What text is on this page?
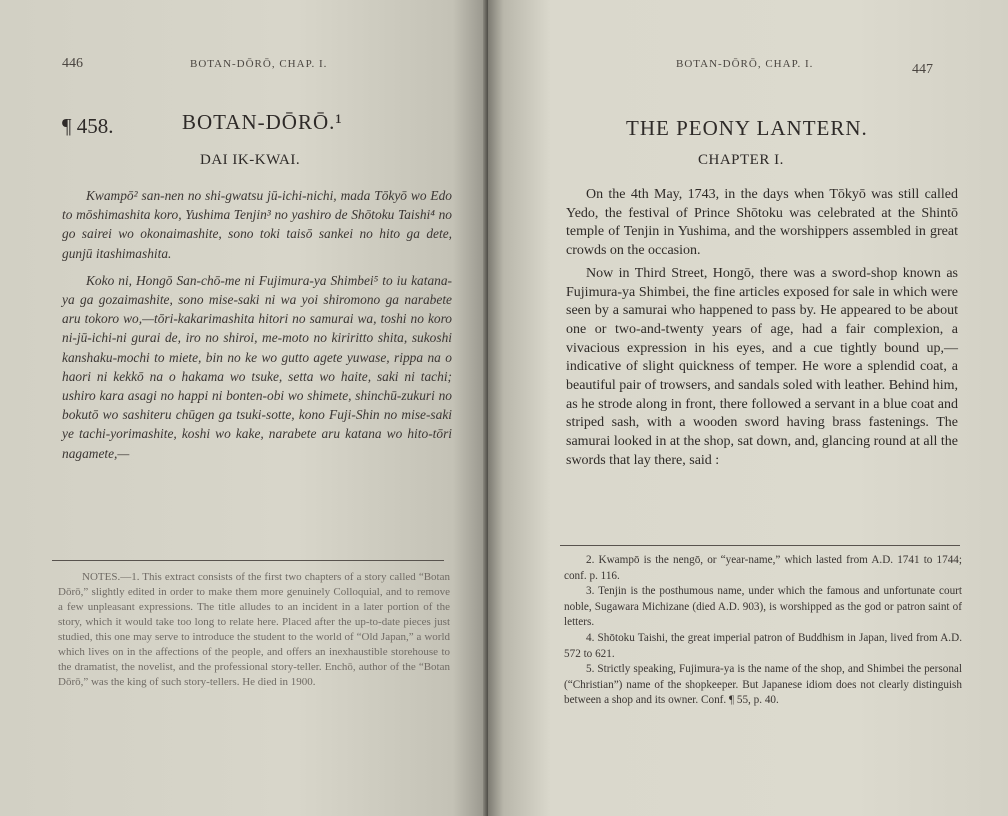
446	BOTAN-DŌRŌ, CHAP. I.
¶ 458.	BOTAN-DŌRŌ.¹
DAI IK-KWAI.

Kwampō² san-nen no shi-gwatsu jū-ichi-nichi, mada Tōkyō wo Edo to mōshimashita koro, Yushima Tenjin³ no yashiro de Shōtoku Taishi⁴ no go sairei wo okonaimashite, sono toki taisō sankei no hito ga dete, gunjū itashimashita.

Koko ni, Hongō San-chō-me ni Fujimura-ya Shimbei⁵ to iu katana-ya ga gozaimashite, sono mise-saki ni wa yoi shiromono ga narabete aru tokoro wo,—tōri-kakarimashita hitori no samurai wa, toshi no koro ni-jū-ichi-ni gurai de, iro no shiroi, me-moto no kiriritto shita, sukoshi kanshaku-mochi to miete, bin no ke wo gutto agete yuwase, rippa na o haori ni kekkō na o hakama wo tsuke, setta wo haite, saki ni tachi; ushiro kara asagi no happi ni bonten-obi wo shimete, shinchū-zukuri no bokutō wo sashiteru chūgen ga tsuki-sotte, kono Fuji-Shin no mise-saki ye tachi-yorimashite, koshi wo kake, narabete aru katana wo hito-tōri nagamete,—

NOTES.—1. This extract consists of the first two chapters of a story called “Botan Dōrō,” slightly edited in order to make them more genuinely Colloquial, and to remove a few unpleasant expressions. The title alludes to an incident in a later portion of the story, which it would take too long to relate here. Placed after the up-to-date pieces just studied, this one may serve to introduce the student to the world of “Old Japan,” a world which lives on in the affections of the people, and offers an inexhaustible storehouse to the dramatist, the novelist, and the professional story-teller. Enchō, author of the “Botan Dōrō,” was the king of such story-tellers. He died in 1900.

BOTAN-DŌRŌ, CHAP. I.	447
THE PEONY LANTERN.
CHAPTER I.

On the 4th May, 1743, in the days when Tōkyō was still called Yedo, the festival of Prince Shōtoku was celebrated at the Shintō temple of Tenjin in Yushima, and the worshippers assembled in great crowds on the occasion.

Now in Third Street, Hongō, there was a sword-shop known as Fujimura-ya Shimbei, the fine articles exposed for sale in which were seen by a samurai who happened to pass by. He appeared to be about one or two-and-twenty years of age, had a fair complexion, a vivacious expression in his eyes, and a cue tightly bound up,—indicative of slight quickness of temper. He wore a splendid coat, a beautiful pair of trowsers, and sandals soled with leather. Behind him, as he strode along in front, there followed a servant in a blue coat and striped sash, with a wooden sword having brass fastenings. The samurai looked in at the shop, sat down, and, glancing round at all the swords that lay there, said :

2. Kwampō is the nengō, or “year-name,” which lasted from A.D. 1741 to 1744; conf. p. 116.

3. Tenjin is the posthumous name, under which the famous and unfortunate court noble, Sugawara Michizane (died A.D. 903), is worshipped as the god or patron saint of letters.

4. Shōtoku Taishi, the great imperial patron of Buddhism in Japan, lived from A.D. 572 to 621.

5. Strictly speaking, Fujimura-ya is the name of the shop, and Shimbei the personal (“Christian”) name of the shopkeeper. But Japanese idiom does not clearly distinguish between a shop and its owner. Conf. ¶ 55, p. 40.
